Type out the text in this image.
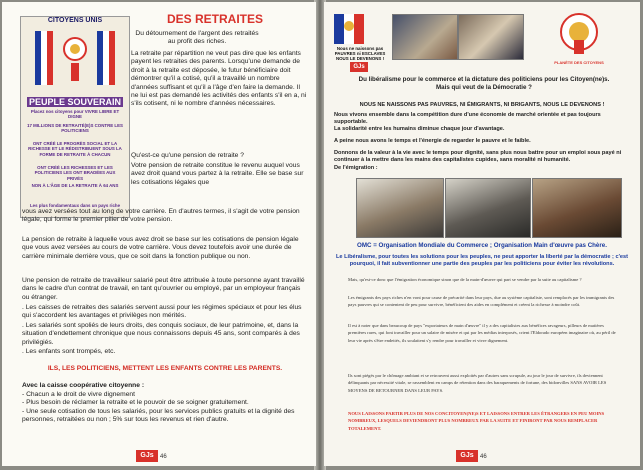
CITOYENS UNIS

PEUPLE SOUVERAIN

Placez nos citoyens pour VIVRE LIBRE ET DIGNE

17 MILLIONS DE RETRAITÉ(E)S CONTRE LES POLITICIENS

ONT CRÉÉ LE PROGRÈS SOCIAL ET LA RICHESSE ET LE RÉDISTRIBUENT SOUS LA FORME DE RETRAITE À CHACUN

ONT CRÉÉ LES RICHESSES ET LES POLITICIENS LES ONT BRADÉES AUX PRIVÉS

NON À L'ÂGE DE LA RETRAITE À 64 ANS

Les plus fondamentaux dans un pays riche

DES RETRAITES

Du détournement de l'argent des retraités au profit des riches.

La retraite par répartition ne veut pas dire que les enfants payent les retraites des parents. Lorsqu'une demande de droit à la retraite est déposée, le futur bénéficiaire doit démontrer qu'il a cotisé, qu'il a travaillé un nombre d'années suffisant et qu'il a l'âge d'en faire la demande. Il ne lui est pas demandé les activités des enfants s'il en a, ni s'ils cotisent, ni le nombre d'années nécessaires.

Qu'est-ce qu'une pension de retraite ?

Votre pension de retraite constitue le revenu auquel vous avez droit quand vous partez à la retraite. Elle se base sur les cotisations légales que

vous avez versées tout au long de votre carrière. En d'autres termes, il s'agit de votre pension légale, qui forme le premier pilier de votre pension.

La pension de retraite à laquelle vous avez droit se base sur les cotisations de pension légale que vous avez versées au cours de votre carrière. Vous devez toutefois avoir une durée de carrière minimale derrière vous, que ce soit dans la fonction publique ou non.

Une pension de retraite de travailleur salarié peut être attribuée à toute personne ayant travaillé dans le cadre d'un contrat de travail, en tant qu'ouvrier ou employé, par un employeur français ou étranger.

. Les caisses de retraites des salariés servent aussi pour les régimes spéciaux et pour les élus qui s'accordent les avantages et privilèges non mérités.

. Les salariés sont spoliés de leurs droits, des conquis sociaux, de leur patrimoine, et, dans la situation d'endettement chronique que nous connaissons depuis 45 ans, sont comparés à des privilégiés.

. Les enfants sont trompés, etc.

ILS, LES POLITICIENS, METTENT LES ENFANTS CONTRE LES PARENTS.

Avec la caisse coopérative citoyenne :

- Chacun a le droit de vivre dignement
- Plus besoin de réclamer la retraite et le pouvoir de se soigner gratuitement.
- Une seule cotisation de tous les salariés, pour les services publics gratuits et la dignité des personnes, retraitées ou non ; 5% sur tous les revenus et rien d'autre.
GJs	46

Nous ne naissons pas PAUVRES ni ESCLAVES NOUS LE DEVENONS !

GJs

PLANÈTE DES CITOYENS

Du libéralisme pour le commerce et la dictature des politiciens pour les Citoyen(ne)s. Mais qui veut de la Démocratie ?

NOUS NE NAISSONS PAS PAUVRES, NI ÉMIGRANTS, NI BRIGANTS, NOUS LE DEVENONS !

Nous vivons ensemble dans la compétition dure d'une économie de marché orientée et pas toujours supportable.

La solidarité entre les humains diminue chaque jour d'avantage.

A peine nous avons le temps et l'énergie de regarder le pauvre et le faible.

Donnons de la valeur à la vie avec le temps pour dignité, sans plus nous battre pour un emploi sous payé ni continuer à la mettre dans les mains des capitalistes cupides, sans moralité ni humanité.

De l'émigration :

OMC = Organisation Mondiale du Commerce ; Organisation Main d'œuvre pas Chère.

Le Libéralisme, pour toutes les solutions pour les peuples, ne peut apporter la liberté par la démocratie ; c'est pourquoi, il fait subventionner une partie des peuples par les politiciens pour éviter les révolutions.

Mais, qu'est-ce donc que l'émigration économique sinon que de la main-d'œuvre qui part se vendre par la suite au capitalisme ?

Les émigrants des pays riches n'en vont pour cause de précarité dans leur pays, due au système capitaliste, sont remplacés par les immigrants des pays pauvres qui se contentent de peu pour survivre, bénéficient des aides en complément et créent la richesse à moindre coût.

Il est à noter que dans beaucoup de pays "exportateurs de main d'œuvre" il y a des capitalistes aux bénéfices ravageurs, pilleurs de matières premières rares, qui font travailler pour un salaire de misère et qui par les médias interposés, crient l'Eldorado européen imaginaire où, au péril de leur vie après s'être endettés, ils soulaitent s'y rendre pour travailler et vivre dignement.

Ils sont piégés par le chômage ambiant et se retrouvent aussi exploités par d'autres sans scrupule, au jour le jour de survivre, ils deviennent délinquants par nécessité vitale, se rassemblent en camps de rétention dans des baraquements de fortune, des bidonvilles SANS AVOIR LES MOYENS DE RETOURNER DANS LEUR PAYS.

NOUS LAISSONS PARTIR PLUS DE NOS CONCITOYEN(NE)S ET LAISSONS ENTRER LES ÉTRANGERS EN PEU MOINS NOMBREUX, LESQUELS DEVIENDRONT PLUS NOMBREUX PAR LA SUITE ET FINIRONT PAR NOUS REMPLACER TOTALEMENT.

GJs	46
